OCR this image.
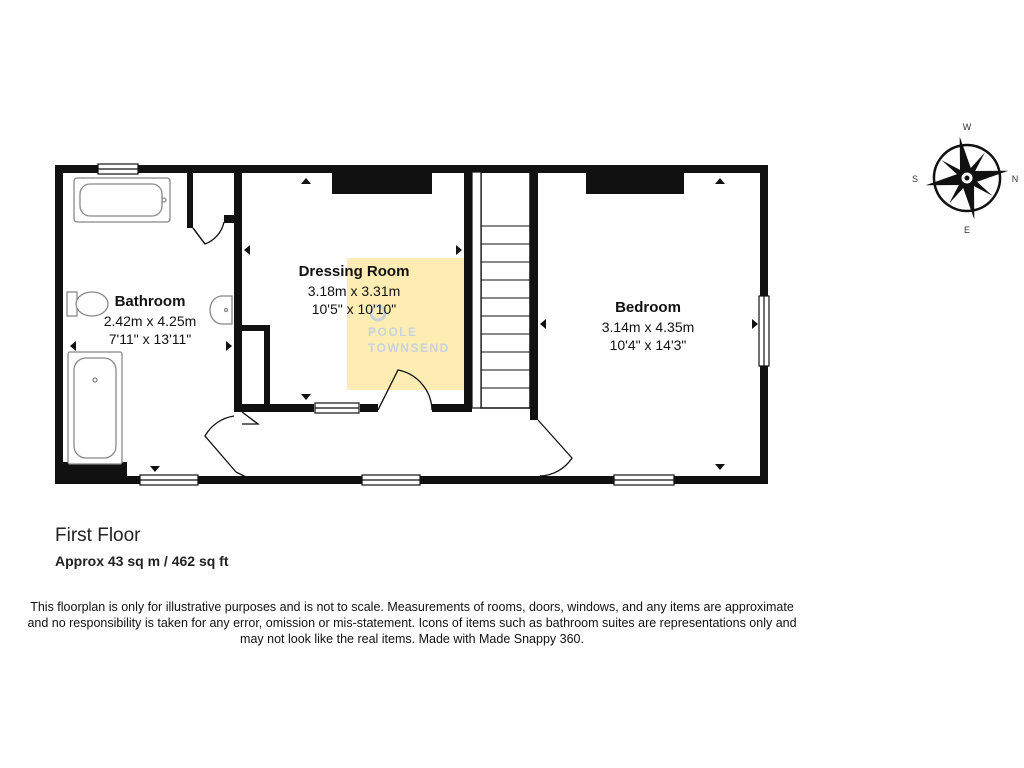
POOLE
TOWNSEND
Bathroom
2.42m x 4.25m
7'11" x 13'11"
Dressing Room
3.18m x 3.31m
10'5" x 10'10"	Bedroom
3.14m x 4.35m
10'4" x 14'3"
N
S
E
W
First Floor
Approx 43 sq m / 462 sq ft
This floorplan is only for illustrative purposes and is not to scale. Measurements of rooms, doors, windows, and any items are approximate
and no responsibility is taken for any error, omission or mis-statement. Icons of items such as bathroom suites are representations only and
may not look like the real items. Made with Made Snappy 360.
